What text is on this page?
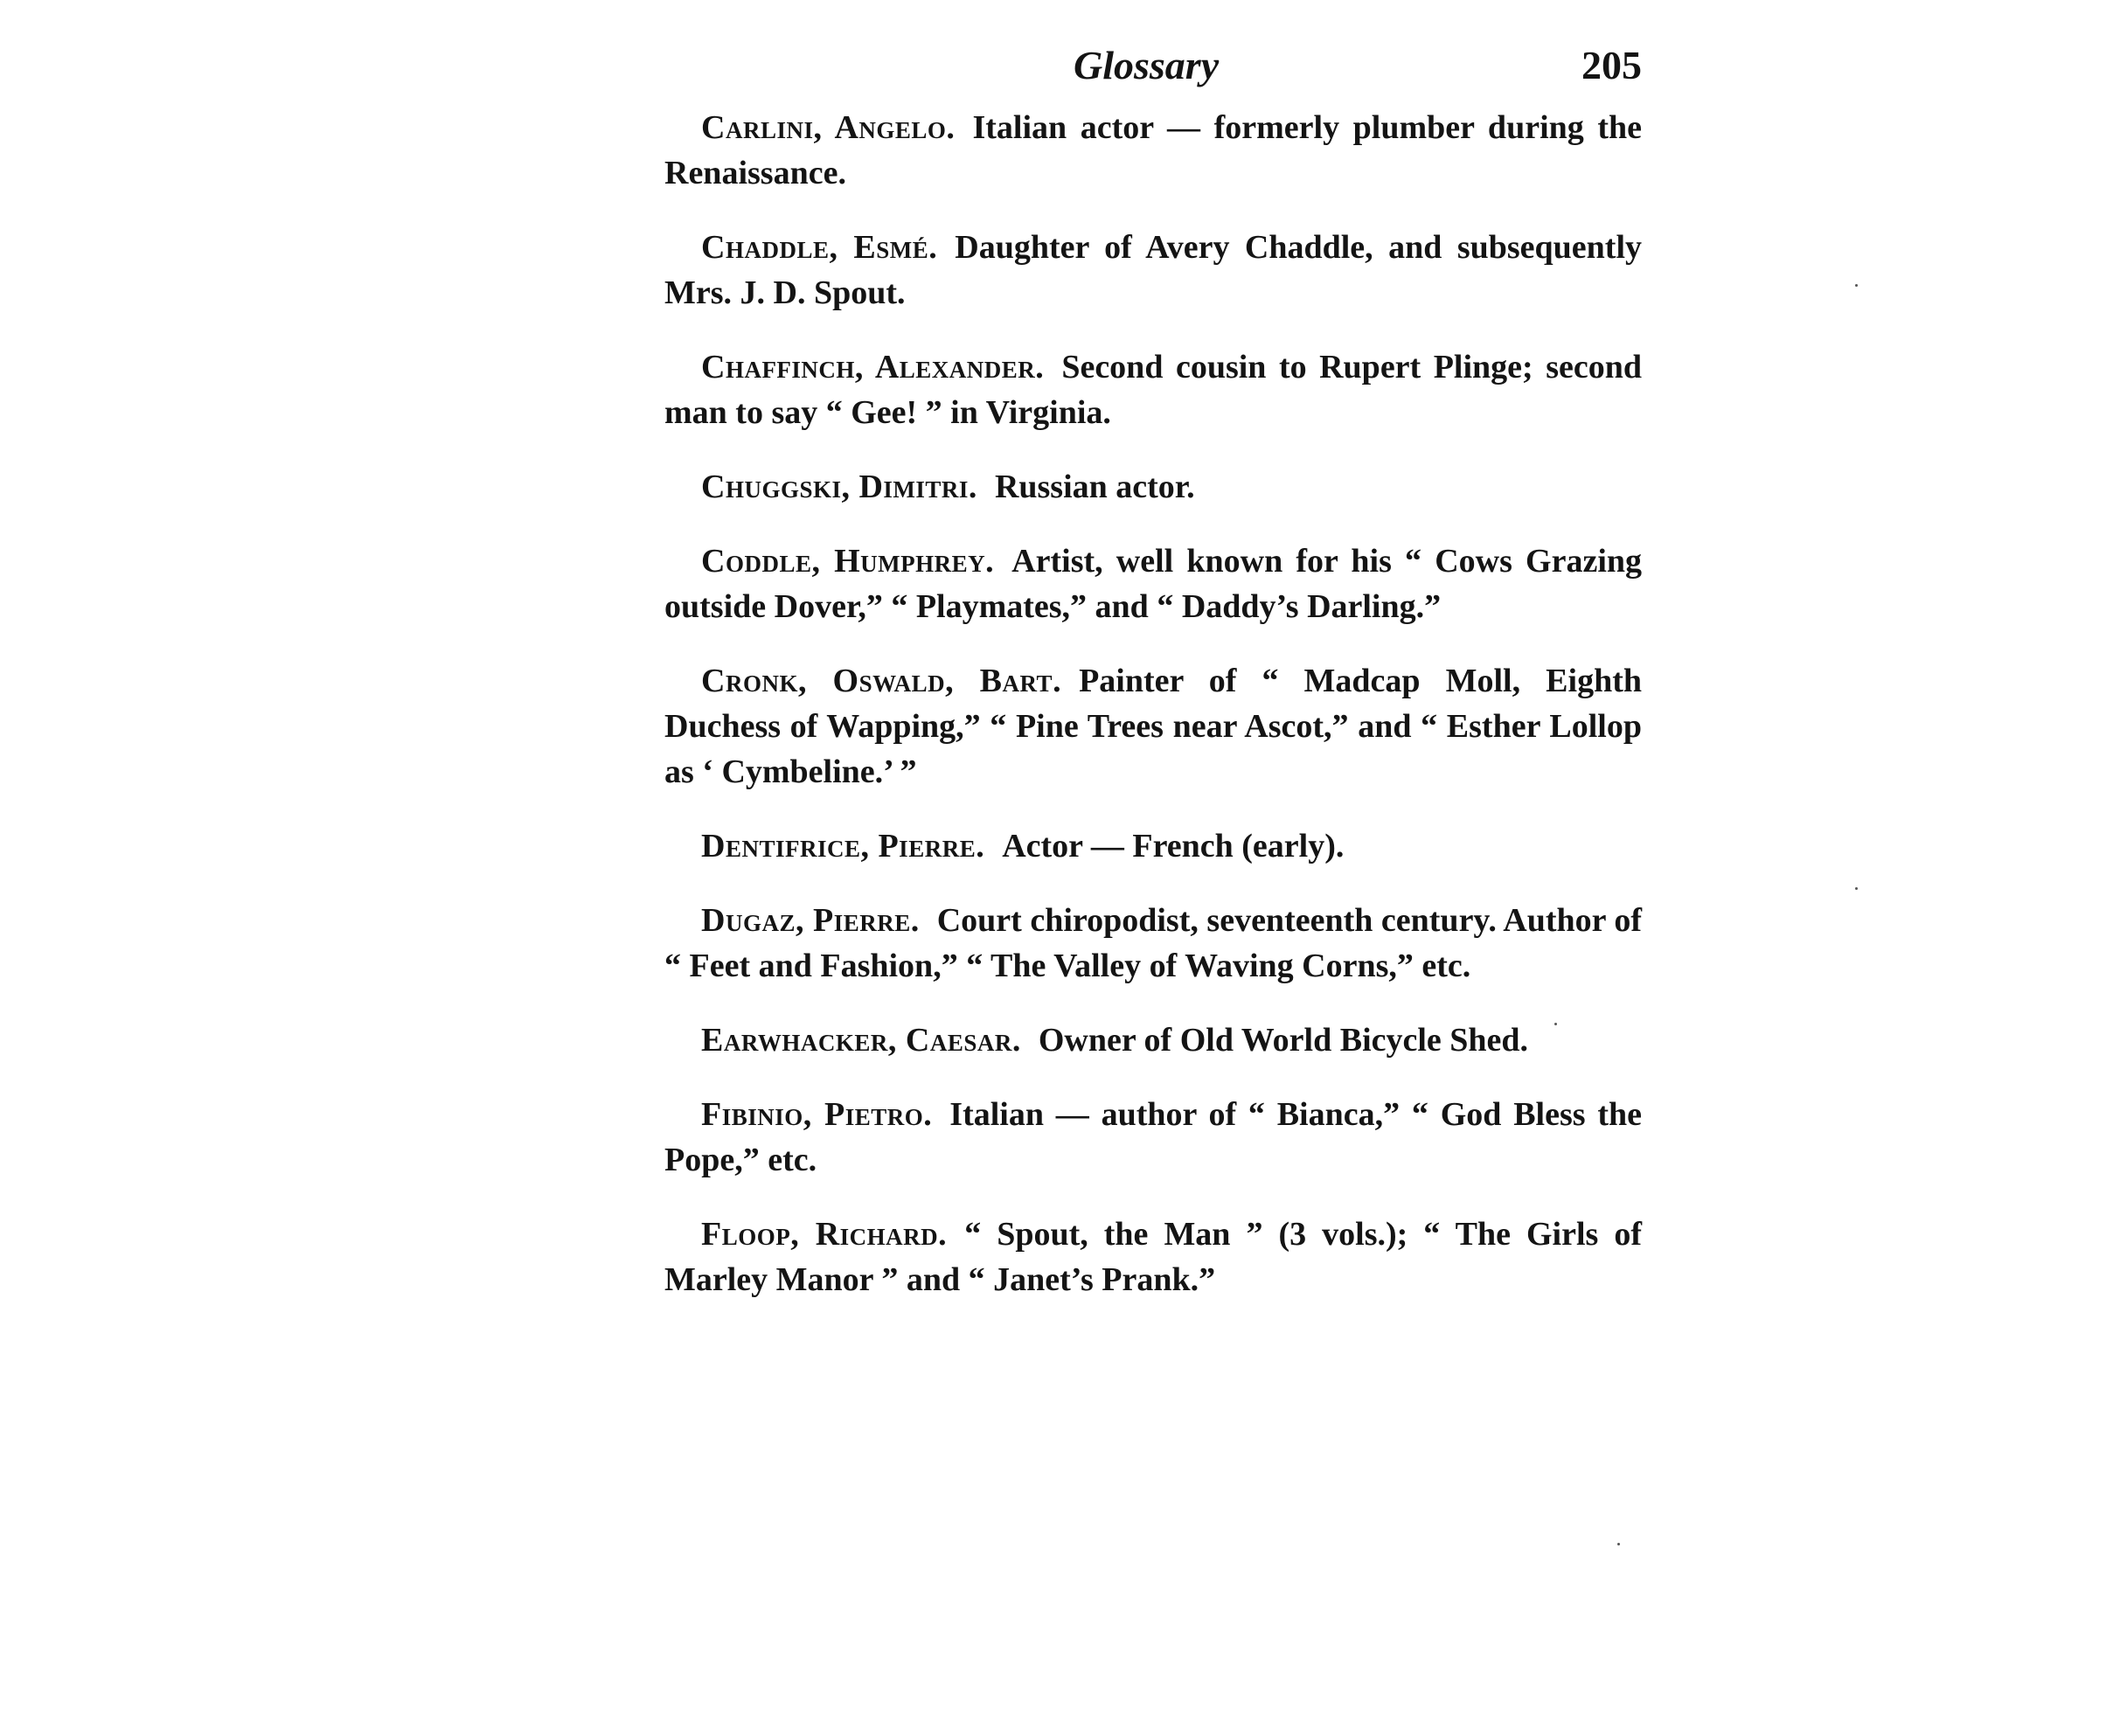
Glossary	205

Carlini, Angelo. Italian actor — formerly plumber during the Renaissance.

Chaddle, Esmé. Daughter of Avery Chaddle, and subsequently Mrs. J. D. Spout.

Chaffinch, Alexander. Second cousin to Rupert Plinge; second man to say “ Gee! ” in Virginia.

Chuggski, Dimitri. Russian actor.

Coddle, Humphrey. Artist, well known for his “ Cows Grazing outside Dover,” “ Playmates,” and “ Daddy’s Darling.”

Cronk, Oswald, Bart. Painter of “ Madcap Moll, Eighth Duchess of Wapping,” “ Pine Trees near Ascot,” and “ Esther Lollop as ‘ Cymbeline.’ ”

Dentifrice, Pierre. Actor — French (early).

Dugaz, Pierre. Court chiropodist, seventeenth century. Author of “ Feet and Fashion,” “ The Valley of Waving Corns,” etc.

Earwhacker, Caesar. Owner of Old World Bicycle Shed.

Fibinio, Pietro. Italian — author of “ Bianca,” “ God Bless the Pope,” etc.

Floop, Richard. “ Spout, the Man ” (3 vols.); “ The Girls of Marley Manor ” and “ Janet’s Prank.”
